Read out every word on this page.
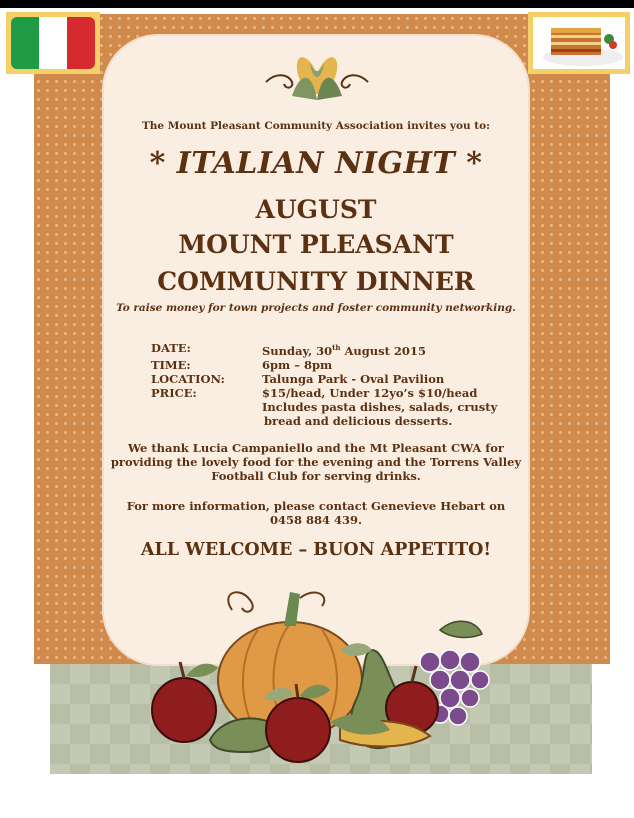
The Mount Pleasant Community Association invites you to:

* ITALIAN NIGHT *

AUGUST

MOUNT PLEASANT

COMMUNITY DINNER

To raise money for town projects and foster community networking.

DATE:	Sunday, 30th August 2015
TIME:	6pm – 8pm
LOCATION:	Talunga Park - Oval Pavilion
PRICE:	$15/head, Under 12yo’s $10/head
Includes pasta dishes, salads, crusty
bread and delicious desserts.
We thank Lucia Campaniello and the Mt Pleasant CWA for
providing the lovely food for the evening and the Torrens Valley
Football Club for serving drinks.
For more information, please contact Genevieve Hebart on
0458 884 439.

ALL WELCOME – BUON APPETITO!
